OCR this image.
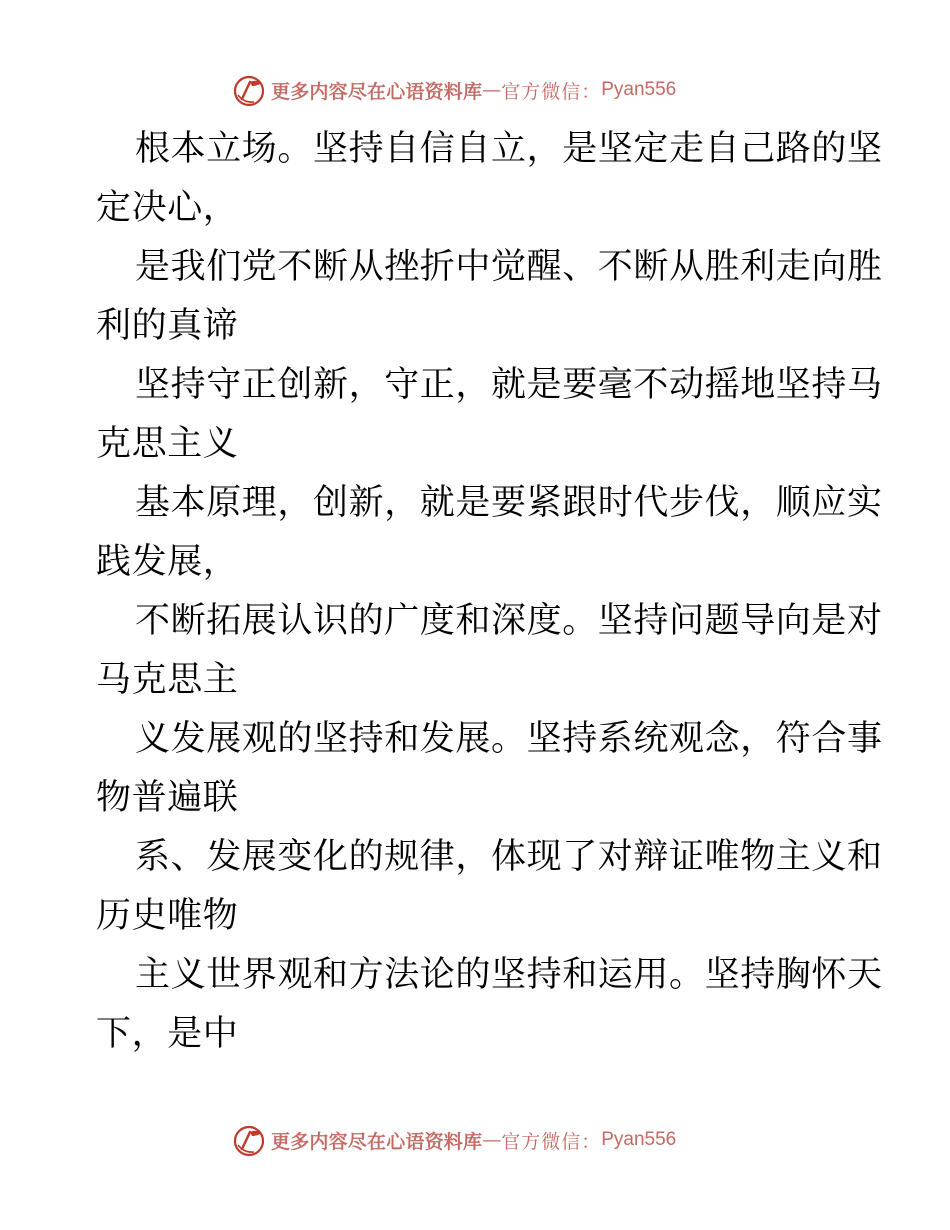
更多内容尽在心语资料库 — 官方微信： Pyan556
根本立场。坚持自信自立，是坚定走自己路的坚
定决心，
是我们党不断从挫折中觉醒、不断从胜利走向胜
利的真谛
坚持守正创新，守正，就是要毫不动摇地坚持马
克思主义
基本原理，创新，就是要紧跟时代步伐，顺应实
践发展，
不断拓展认识的广度和深度。坚持问题导向是对
马克思主
义发展观的坚持和发展。坚持系统观念，符合事
物普遍联
系、发展变化的规律，体现了对辩证唯物主义和
历史唯物
主义世界观和方法论的坚持和运用。坚持胸怀天
下，是中
更多内容尽在心语资料库 — 官方微信： Pyan556
